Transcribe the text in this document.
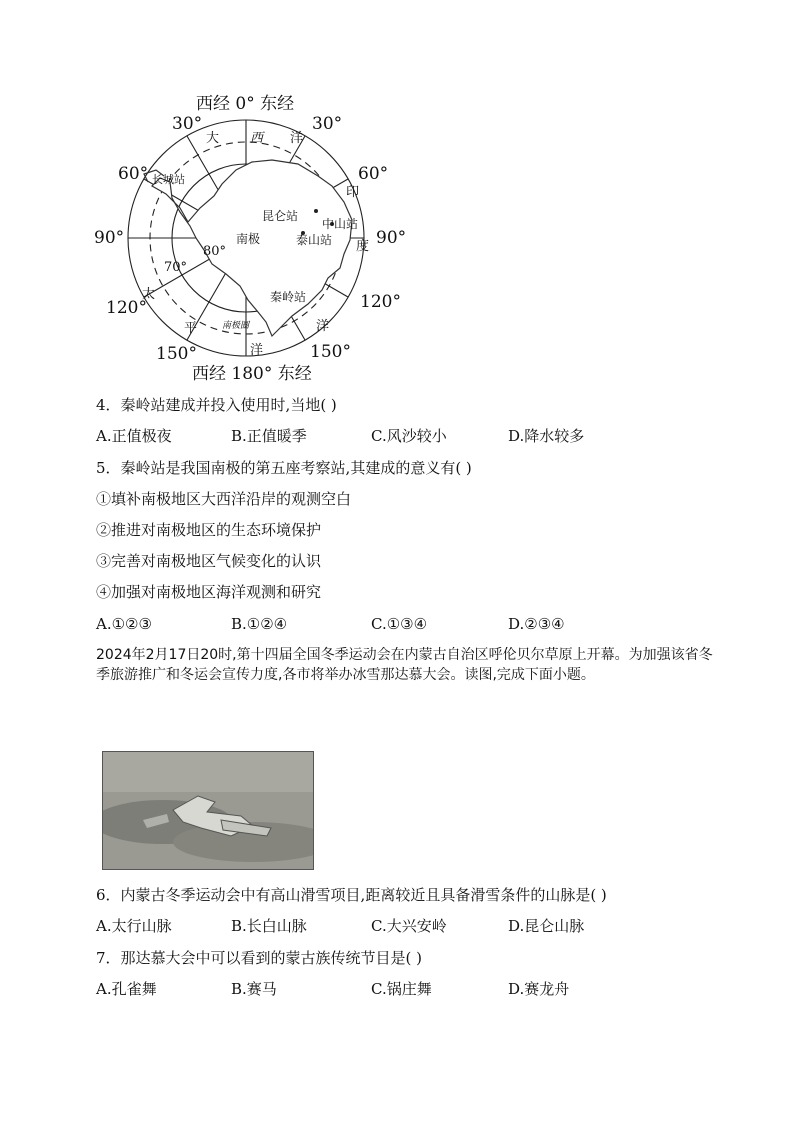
西经 0° 东经
西经 180° 东经
30°	30°
60°	60°
90°	90°
120°	120°
150°	150°
80°
70°
大 西 洋
印
度
洋
太
平
洋
长城站
昆仑站
中山站
泰山站
秦岭站
南极
南极圈
4．秦岭站建成并投入使用时,当地( )
A.正值极夜	B.正值暖季	C.风沙较小	D.降水较多
5．秦岭站是我国南极的第五座考察站,其建成的意义有( )
①填补南极地区大西洋沿岸的观测空白
②推进对南极地区的生态环境保护
③完善对南极地区气候变化的认识
④加强对南极地区海洋观测和研究
A.①②③	B.①②④	C.①③④	D.②③④
2024年2月17日20时,第十四届全国冬季运动会在内蒙古自治区呼伦贝尔草原上开幕。为加强该省冬季旅游推广和冬运会宣传力度,各市将举办冰雪那达慕大会。读图,完成下面小题。
6．内蒙古冬季运动会中有高山滑雪项目,距离较近且具备滑雪条件的山脉是( )
A.太行山脉	B.长白山脉	C.大兴安岭	D.昆仑山脉
7．那达慕大会中可以看到的蒙古族传统节目是( )
A.孔雀舞	B.赛马	C.锅庄舞	D.赛龙舟
